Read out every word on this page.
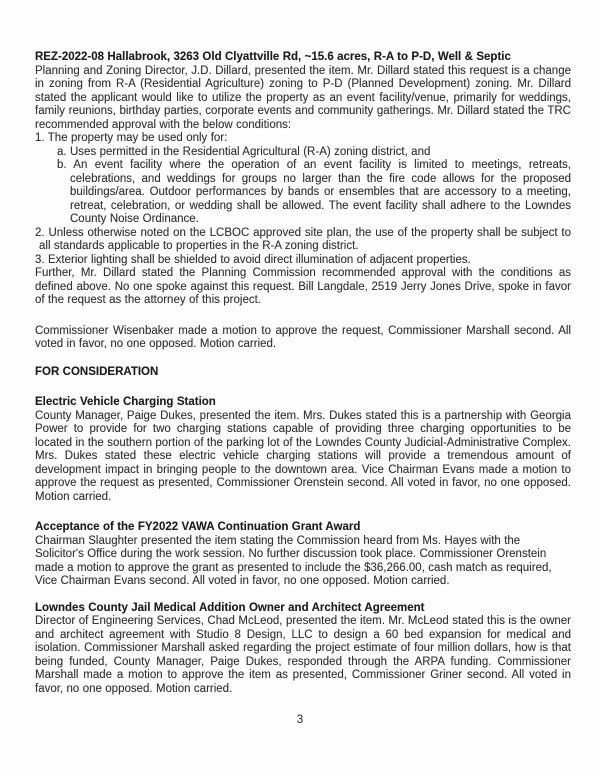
REZ-2022-08 Hallabrook, 3263 Old Clyattville Rd, ~15.6 acres, R-A to P-D, Well & Septic

Planning and Zoning Director, J.D. Dillard, presented the item. Mr. Dillard stated this request is a change in zoning from R-A (Residential Agriculture) zoning to P-D (Planned Development) zoning. Mr. Dillard stated the applicant would like to utilize the property as an event facility/venue, primarily for weddings, family reunions, birthday parties, corporate events and community gatherings. Mr. Dillard stated the TRC recommended approval with the below conditions:

1. The property may be used only for:
a. Uses permitted in the Residential Agricultural (R-A) zoning district, and
b. An event facility where the operation of an event facility is limited to meetings, retreats, celebrations, and weddings for groups no larger than the fire code allows for the proposed buildings/area. Outdoor performances by bands or ensembles that are accessory to a meeting, retreat, celebration, or wedding shall be allowed. The event facility shall adhere to the Lowndes County Noise Ordinance.
2. Unless otherwise noted on the LCBOC approved site plan, the use of the property shall be subject to all standards applicable to properties in the R-A zoning district.
3. Exterior lighting shall be shielded to avoid direct illumination of adjacent properties.

Further, Mr. Dillard stated the Planning Commission recommended approval with the conditions as defined above. No one spoke against this request. Bill Langdale, 2519 Jerry Jones Drive, spoke in favor of the request as the attorney of this project.

Commissioner Wisenbaker made a motion to approve the request, Commissioner Marshall second. All voted in favor, no one opposed. Motion carried.

FOR CONSIDERATION
Electric Vehicle Charging Station

County Manager, Paige Dukes, presented the item. Mrs. Dukes stated this is a partnership with Georgia Power to provide for two charging stations capable of providing three charging opportunities to be located in the southern portion of the parking lot of the Lowndes County Judicial-Administrative Complex. Mrs. Dukes stated these electric vehicle charging stations will provide a tremendous amount of development impact in bringing people to the downtown area. Vice Chairman Evans made a motion to approve the request as presented, Commissioner Orenstein second. All voted in favor, no one opposed. Motion carried.

Acceptance of the FY2022 VAWA Continuation Grant Award

Chairman Slaughter presented the item stating the Commission heard from Ms. Hayes with the Solicitor's Office during the work session. No further discussion took place. Commissioner Orenstein made a motion to approve the grant as presented to include the $36,266.00, cash match as required, Vice Chairman Evans second. All voted in favor, no one opposed. Motion carried.

Lowndes County Jail Medical Addition Owner and Architect Agreement

Director of Engineering Services, Chad McLeod, presented the item. Mr. McLeod stated this is the owner and architect agreement with Studio 8 Design, LLC to design a 60 bed expansion for medical and isolation. Commissioner Marshall asked regarding the project estimate of four million dollars, how is that being funded, County Manager, Paige Dukes, responded through the ARPA funding. Commissioner Marshall made a motion to approve the item as presented, Commissioner Griner second. All voted in favor, no one opposed. Motion carried.

3
